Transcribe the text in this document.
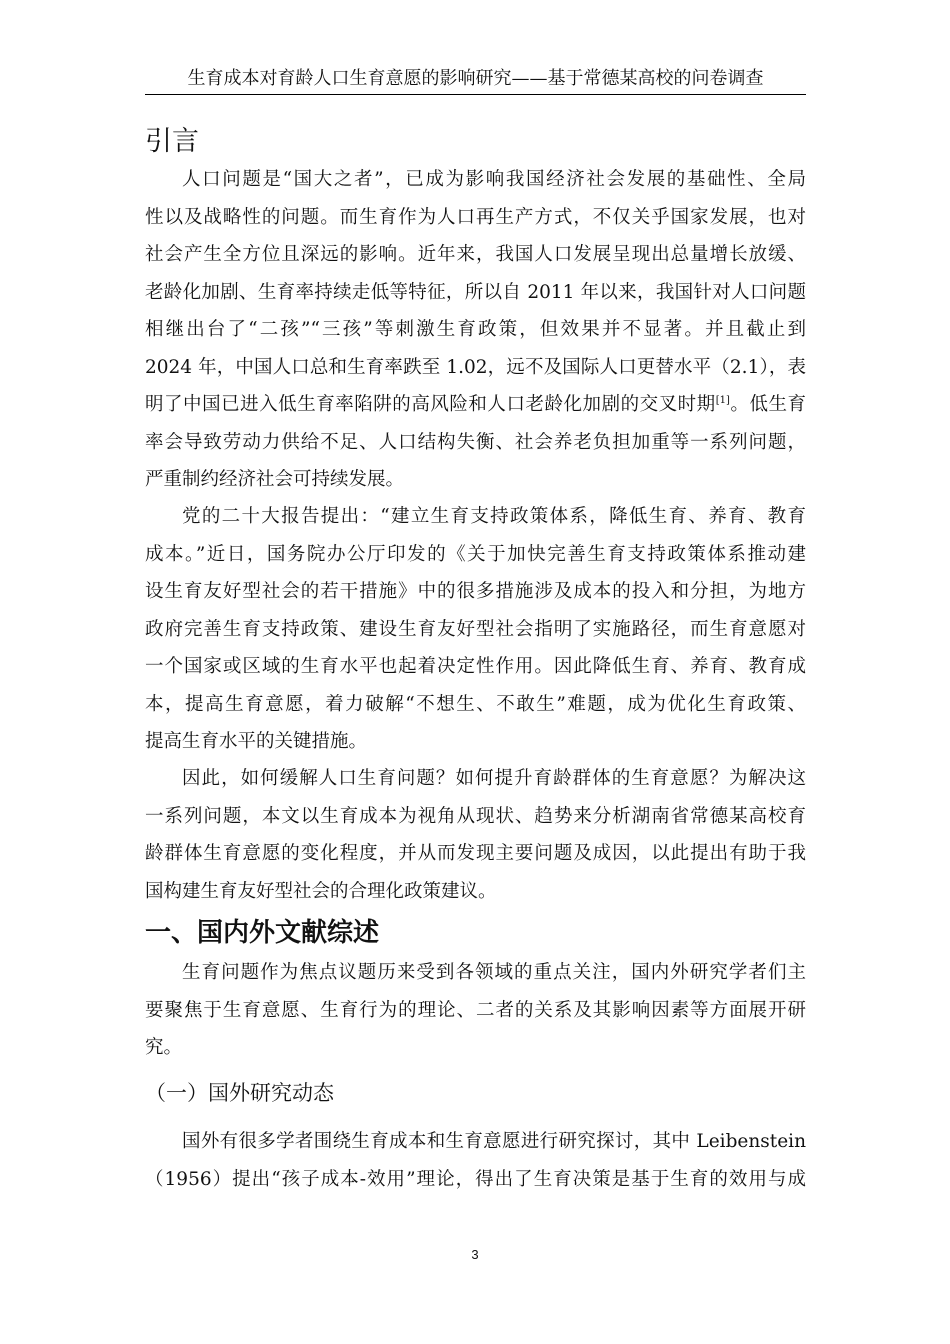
生育成本对育龄人口生育意愿的影响研究——基于常德某高校的问卷调查
引言
人口问题是“国大之者”，已成为影响我国经济社会发展的基础性、全局
性以及战略性的问题。而生育作为人口再生产方式，不仅关乎国家发展，也对
社会产生全方位且深远的影响。近年来，我国人口发展呈现出总量增长放缓、
老龄化加剧、生育率持续走低等特征，所以自 2011 年以来，我国针对人口问题
相继出台了“二孩”“三孩”等刺激生育政策，但效果并不显著。并且截止到
2024 年，中国人口总和生育率跌至 1.02，远不及国际人口更替水平（2.1），表
明了中国已进入低生育率陷阱的高风险和人口老龄化加剧的交叉时期[1]。低生育
率会导致劳动力供给不足、人口结构失衡、社会养老负担加重等一系列问题，
严重制约经济社会可持续发展。
党的二十大报告提出：“建立生育支持政策体系，降低生育、养育、教育
成本。”近日，国务院办公厅印发的《关于加快完善生育支持政策体系推动建
设生育友好型社会的若干措施》中的很多措施涉及成本的投入和分担，为地方
政府完善生育支持政策、建设生育友好型社会指明了实施路径，而生育意愿对
一个国家或区域的生育水平也起着决定性作用。因此降低生育、养育、教育成
本，提高生育意愿，着力破解“不想生、不敢生”难题，成为优化生育政策、
提高生育水平的关键措施。
因此，如何缓解人口生育问题？如何提升育龄群体的生育意愿？为解决这
一系列问题，本文以生育成本为视角从现状、趋势来分析湖南省常德某高校育
龄群体生育意愿的变化程度，并从而发现主要问题及成因，以此提出有助于我
国构建生育友好型社会的合理化政策建议。
一、国内外文献综述
生育问题作为焦点议题历来受到各领域的重点关注，国内外研究学者们主
要聚焦于生育意愿、生育行为的理论、二者的关系及其影响因素等方面展开研
究。
（一）国外研究动态
国外有很多学者围绕生育成本和生育意愿进行研究探讨，其中 Leibenstein
（1956）提出“孩子成本-效用”理论，得出了生育决策是基于生育的效用与成
3
